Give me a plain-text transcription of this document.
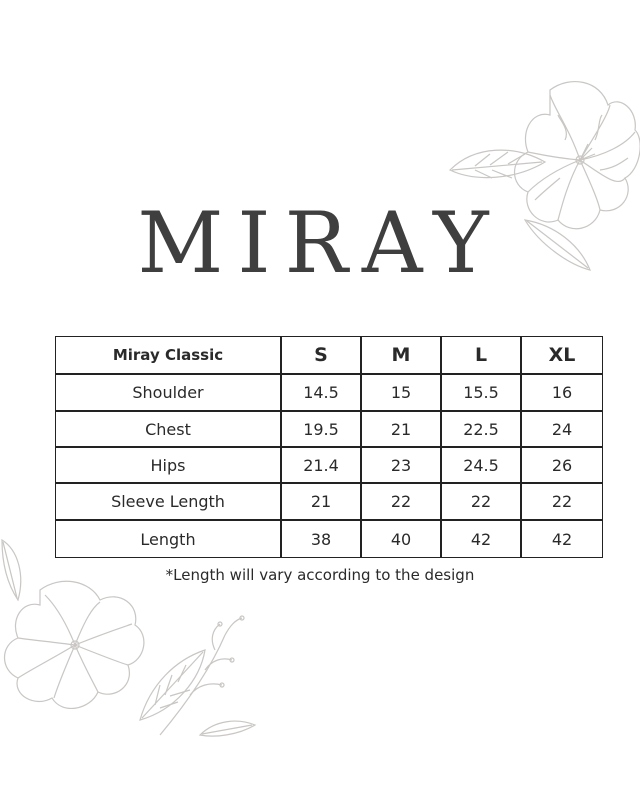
MIRAY
Miray Classic	S	M	L	XL
Shoulder	14.5	15	15.5	16
Chest	19.5	21	22.5	24
Hips	21.4	23	24.5	26
Sleeve Length	21	22	22	22
Length	38	40	42	42
*Length will vary according to the design
